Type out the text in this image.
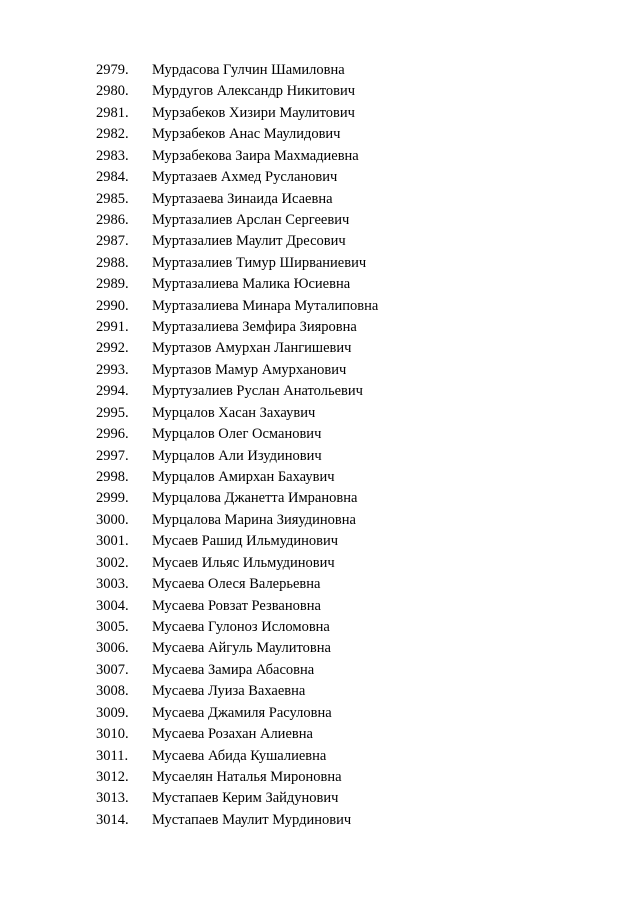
2979. Мурдасова Гулчин Шамиловна
2980. Мурдугов Александр Никитович
2981. Мурзабеков Хизири Маулитович
2982. Мурзабеков Анас Маулидович
2983. Мурзабекова Заира Махмадиевна
2984. Муртазаев Ахмед Русланович
2985. Муртазаева Зинаида Исаевна
2986. Муртазалиев Арслан Сергеевич
2987. Муртазалиев Маулит Дресович
2988. Муртазалиев Тимур Ширваниевич
2989. Муртазалиева Малика Юсиевна
2990. Муртазалиева Минара Муталиповна
2991. Муртазалиева Земфира Зияровна
2992. Муртазов Амурхан Лангишевич
2993. Муртазов Мамур Амурханович
2994. Муртузалиев Руслан Анатольевич
2995. Мурцалов Хасан Захаувич
2996. Мурцалов Олег Османович
2997. Мурцалов Али Изудинович
2998. Мурцалов Амирхан Бахаувич
2999. Мурцалова Джанетта Имрановна
3000. Мурцалова Марина Зияудиновна
3001. Мусаев Рашид Ильмудинович
3002. Мусаев Ильяс Ильмудинович
3003. Мусаева Олеся Валерьевна
3004. Мусаева Ровзат Резвановна
3005. Мусаева Гулоноз Исломовна
3006. Мусаева Айгуль Маулитовна
3007. Мусаева Замира Абасовна
3008. Мусаева Луиза Вахаевна
3009. Мусаева Джамиля Расуловна
3010. Мусаева Розахан Алиевна
3011. Мусаева Абида Кушалиевна
3012. Мусаелян Наталья Мироновна
3013. Мустапаев Керим Зайдунович
3014. Мустапаев Маулит Мурдинович
